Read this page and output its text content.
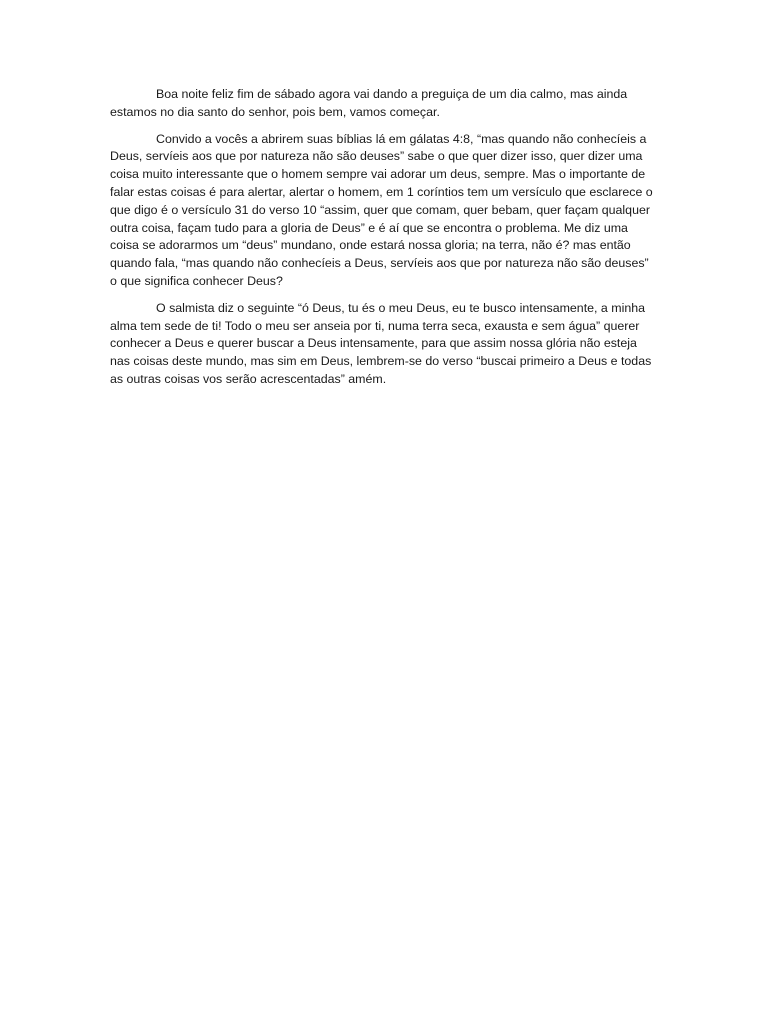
Boa noite feliz fim de sábado agora vai dando a preguiça de um dia calmo, mas ainda estamos no dia santo do senhor, pois bem, vamos começar.

Convido a vocês a abrirem suas bíblias lá em gálatas 4:8, “mas quando não conhecíeis a Deus, servíeis aos que por natureza não são deuses” sabe o que quer dizer isso, quer dizer uma coisa muito interessante que o homem sempre vai adorar um deus, sempre. Mas o importante de falar estas coisas é para alertar, alertar o homem, em 1 coríntios tem um versículo que esclarece o que digo é o versículo 31 do verso 10 “assim, quer que comam, quer bebam, quer façam qualquer outra coisa, façam tudo para a gloria de Deus” e é aí que se encontra o problema. Me diz uma coisa se adorarmos um “deus” mundano, onde estará nossa gloria; na terra, não é? mas então quando fala, “mas quando não conhecíeis a Deus, servíeis aos que por natureza não são deuses” o que significa conhecer Deus?

O salmista diz o seguinte “ó Deus, tu és o meu Deus, eu te busco intensamente, a minha alma tem sede de ti! Todo o meu ser anseia por ti, numa terra seca, exausta e sem água” querer conhecer a Deus e querer buscar a Deus intensamente, para que assim nossa glória não esteja nas coisas deste mundo, mas sim em Deus, lembrem-se do verso “buscai primeiro a Deus e todas as outras coisas vos serão acrescentadas” amém.
